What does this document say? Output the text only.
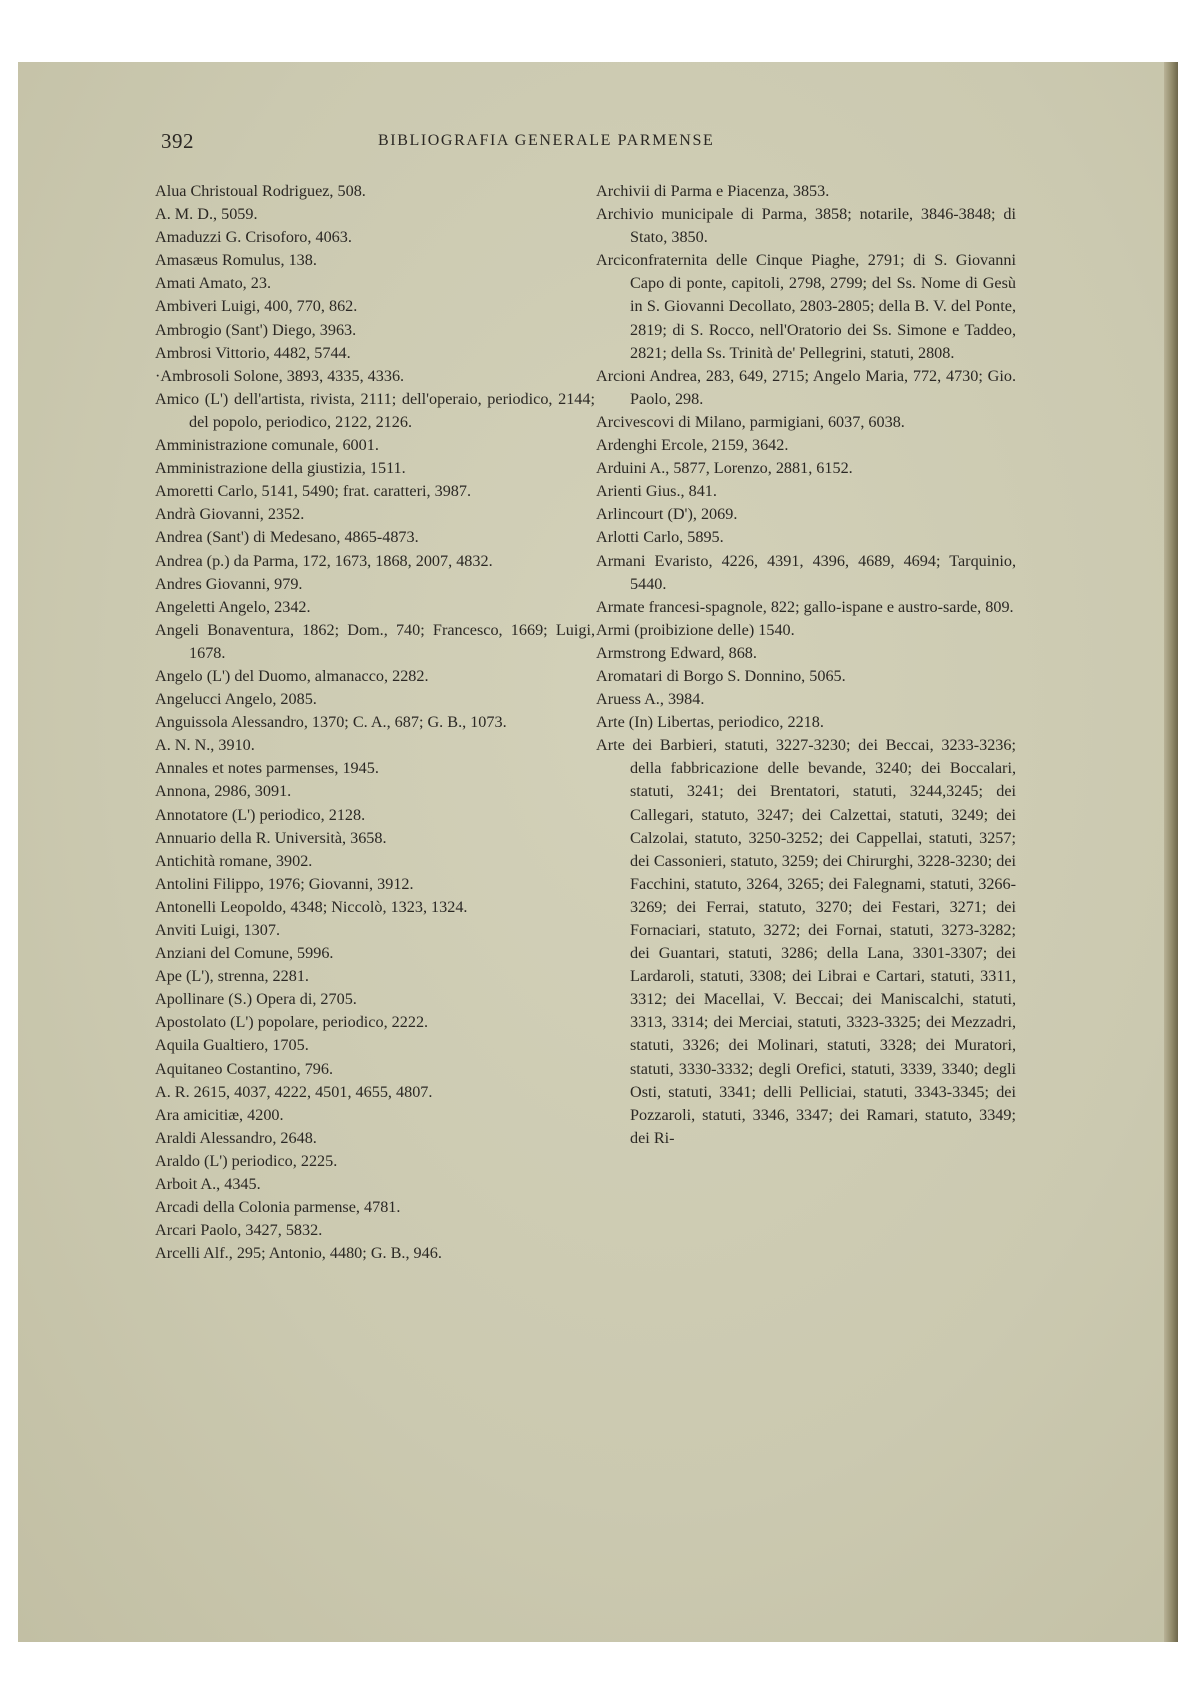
392	BIBLIOGRAFIA GENERALE PARMENSE
Alua Christoual Rodriguez, 508.
A. M. D., 5059.
Amaduzzi G. Crisoforo, 4063.
Amasæus Romulus, 138.
Amati Amato, 23.
Ambiveri Luigi, 400, 770, 862.
Ambrogio (Sant') Diego, 3963.
Ambrosi Vittorio, 4482, 5744.
·Ambrosoli Solone, 3893, 4335, 4336.
Amico (L') dell'artista, rivista, 2111; dell'operaio, periodico, 2144; del popolo, periodico, 2122, 2126.
Amministrazione comunale, 6001.
Amministrazione della giustizia, 1511.
Amoretti Carlo, 5141, 5490; frat. caratteri, 3987.
Andrà Giovanni, 2352.
Andrea (Sant') di Medesano, 4865-4873.
Andrea (p.) da Parma, 172, 1673, 1868, 2007, 4832.
Andres Giovanni, 979.
Angeletti Angelo, 2342.
Angeli Bonaventura, 1862; Dom., 740; Francesco, 1669; Luigi, 1678.
Angelo (L') del Duomo, almanacco, 2282.
Angelucci Angelo, 2085.
Anguissola Alessandro, 1370; C. A., 687; G. B., 1073.
A. N. N., 3910.
Annales et notes parmenses, 1945.
Annona, 2986, 3091.
Annotatore (L') periodico, 2128.
Annuario della R. Università, 3658.
Antichità romane, 3902.
Antolini Filippo, 1976; Giovanni, 3912.
Antonelli Leopoldo, 4348; Niccolò, 1323, 1324.
Anviti Luigi, 1307.
Anziani del Comune, 5996.
Ape (L'), strenna, 2281.
Apollinare (S.) Opera di, 2705.
Apostolato (L') popolare, periodico, 2222.
Aquila Gualtiero, 1705.
Aquitaneo Costantino, 796.
A. R. 2615, 4037, 4222, 4501, 4655, 4807.
Ara amicitiæ, 4200.
Araldi Alessandro, 2648.
Araldo (L') periodico, 2225.
Arboit A., 4345.
Arcadi della Colonia parmense, 4781.
Arcari Paolo, 3427, 5832.
Arcelli Alf., 295; Antonio, 4480; G. B., 946.
Archivii di Parma e Piacenza, 3853.
Archivio municipale di Parma, 3858; notarile, 3846-3848; di Stato, 3850.
Arciconfraternita delle Cinque Piaghe, 2791; di S. Giovanni Capo di ponte, capitoli, 2798, 2799; del Ss. Nome di Gesù in S. Giovanni Decollato, 2803-2805; della B. V. del Ponte, 2819; di S. Rocco, nell'Oratorio dei Ss. Simone e Taddeo, 2821; della Ss. Trinità de' Pellegrini, statuti, 2808.
Arcioni Andrea, 283, 649, 2715; Angelo Maria, 772, 4730; Gio. Paolo, 298.
Arcivescovi di Milano, parmigiani, 6037, 6038.
Ardenghi Ercole, 2159, 3642.
Arduini A., 5877, Lorenzo, 2881, 6152.
Arienti Gius., 841.
Arlincourt (D'), 2069.
Arlotti Carlo, 5895.
Armani Evaristo, 4226, 4391, 4396, 4689, 4694; Tarquinio, 5440.
Armate francesi-spagnole, 822; gallo-ispane e austro-sarde, 809.
Armi (proibizione delle) 1540.
Armstrong Edward, 868.
Aromatari di Borgo S. Donnino, 5065.
Aruess A., 3984.
Arte (In) Libertas, periodico, 2218.
Arte dei Barbieri, statuti, 3227-3230; dei Beccai, 3233-3236; della fabbricazione delle bevande, 3240; dei Boccalari, statuti, 3241; dei Brentatori, statuti, 3244,3245; dei Callegari, statuto, 3247; dei Calzettai, statuti, 3249; dei Calzolai, statuto, 3250-3252; dei Cappellai, statuti, 3257; dei Cassonieri, statuto, 3259; dei Chirurghi, 3228-3230; dei Facchini, statuto, 3264, 3265; dei Falegnami, statuti, 3266-3269; dei Ferrai, statuto, 3270; dei Festari, 3271; dei Fornaciari, statuto, 3272; dei Fornai, statuti, 3273-3282; dei Guantari, statuti, 3286; della Lana, 3301-3307; dei Lardaroli, statuti, 3308; dei Librai e Cartari, statuti, 3311, 3312; dei Macellai, V. Beccai; dei Maniscalchi, statuti, 3313, 3314; dei Merciai, statuti, 3323-3325; dei Mezzadri, statuti, 3326; dei Molinari, statuti, 3328; dei Muratori, statuti, 3330-3332; degli Orefici, statuti, 3339, 3340; degli Osti, statuti, 3341; delli Pelliciai, statuti, 3343-3345; dei Pozzaroli, statuti, 3346, 3347; dei Ramari, statuto, 3349; dei Ri-
